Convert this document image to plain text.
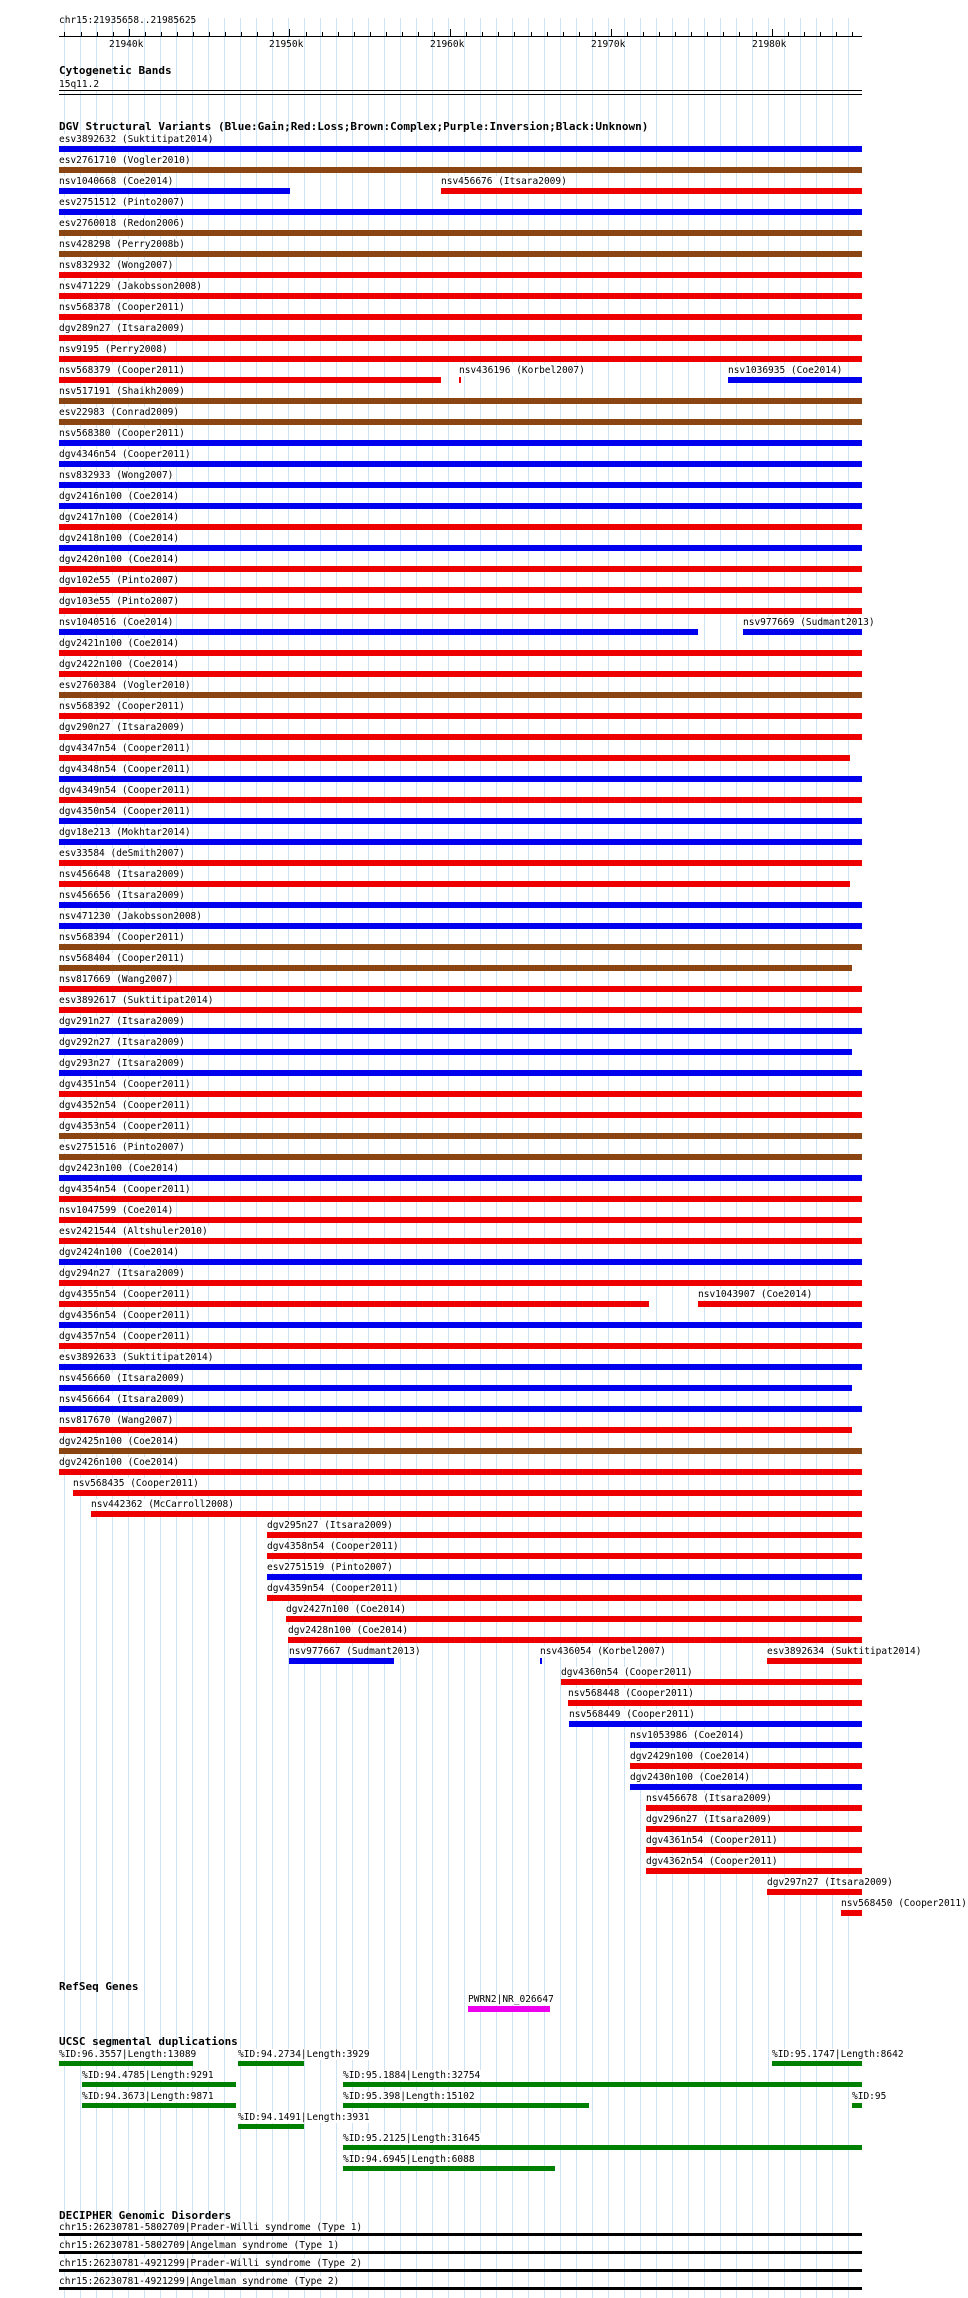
chr15:21935658..21985625
21940k	21950k	21960k	21970k	21980k
Cytogenetic Bands
15q11.2
DGV Structural Variants (Blue:Gain;Red:Loss;Brown:Complex;Purple:Inversion;Black:Unknown)
esv3892632 (Suktitipat2014)
esv2761710 (Vogler2010)
nsv1040668 (Coe2014)	nsv456676 (Itsara2009)
esv2751512 (Pinto2007)
esv2760018 (Redon2006)
nsv428298 (Perry2008b)
nsv832932 (Wong2007)
nsv471229 (Jakobsson2008)
nsv568378 (Cooper2011)
dgv289n27 (Itsara2009)
nsv9195 (Perry2008)
nsv568379 (Cooper2011)	nsv436196 (Korbel2007)
nsv517191 (Shaikh2009)
esv22983 (Conrad2009)
nsv568380 (Cooper2011)
dgv4346n54 (Cooper2011)
nsv832933 (Wong2007)
dgv2416n100 (Coe2014)
dgv2417n100 (Coe2014)
dgv2418n100 (Coe2014)
dgv2420n100 (Coe2014)
dgv102e55 (Pinto2007)
dgv103e55 (Pinto2007)
nsv1040516 (Coe2014)
nsv1036935 (Coe2014)
dgv2421n100 (Coe2014)
dgv2422n100 (Coe2014)
esv2760384 (Vogler2010)
nsv568392 (Cooper2011)
dgv290n27 (Itsara2009)
dgv4347n54 (Cooper2011)
dgv4348n54 (Cooper2011)
dgv4349n54 (Cooper2011)
dgv4350n54 (Cooper2011)
dgv18e213 (Mokhtar2014)
esv33584 (deSmith2007)
nsv456648 (Itsara2009)
nsv456656 (Itsara2009)
nsv471230 (Jakobsson2008)
nsv568394 (Cooper2011)
nsv568404 (Cooper2011)
nsv817669 (Wang2007)
esv3892617 (Suktitipat2014)
dgv291n27 (Itsara2009)
dgv292n27 (Itsara2009)
dgv293n27 (Itsara2009)
dgv4351n54 (Cooper2011)
dgv4352n54 (Cooper2011)
dgv4353n54 (Cooper2011)
esv2751516 (Pinto2007)
dgv2423n100 (Coe2014)
dgv4354n54 (Cooper2011)
nsv1047599 (Coe2014)
esv2421544 (Altshuler2010)
dgv2424n100 (Coe2014)
dgv294n27 (Itsara2009)
dgv4355n54 (Cooper2011)	nsv1043907 (Coe2014)
dgv4356n54 (Cooper2011)
dgv4357n54 (Cooper2011)
esv3892633 (Suktitipat2014)
nsv456660 (Itsara2009)
nsv456664 (Itsara2009)
nsv817670 (Wang2007)
dgv2425n100 (Coe2014)
dgv2426n100 (Coe2014)
nsv568435 (Cooper2011)
nsv442362 (McCarroll2008)
dgv295n27 (Itsara2009)
dgv4358n54 (Cooper2011)
esv2751519 (Pinto2007)
dgv4359n54 (Cooper2011)
dgv2427n100 (Coe2014)
dgv2428n100 (Coe2014)
nsv977667 (Sudmant2013)	nsv436054 (Korbel2007)
dgv4360n54 (Cooper2011)
nsv568448 (Cooper2011)
nsv568449 (Cooper2011)
nsv1053986 (Coe2014)
dgv2429n100 (Coe2014)
dgv2430n100 (Coe2014)
nsv456678 (Itsara2009)
dgv296n27 (Itsara2009)
dgv4361n54 (Cooper2011)
dgv4362n54 (Cooper2011)
nsv977669 (Sudmant2013)
esv3892634 (Suktitipat2014)
dgv297n27 (Itsara2009)
nsv568450 (Cooper2011)
RefSeq Genes
PWRN2|NR_026647
UCSC segmental duplications
%ID:96.3557|Length:13089	%ID:94.2734|Length:3929	%ID:95.1747|Length:8642
%ID:94.4785|Length:9291	%ID:95.1884|Length:32754
%ID:94.3673|Length:9871	%ID:95.398|Length:15102	%ID:95
%ID:94.1491|Length:3931
%ID:95.2125|Length:31645
%ID:94.6945|Length:6088
DECIPHER Genomic Disorders
chr15:26230781-5802709|Prader-Willi syndrome (Type 1)
chr15:26230781-5802709|Angelman syndrome (Type 1)
chr15:26230781-4921299|Prader-Willi syndrome (Type 2)
chr15:26230781-4921299|Angelman syndrome (Type 2)
